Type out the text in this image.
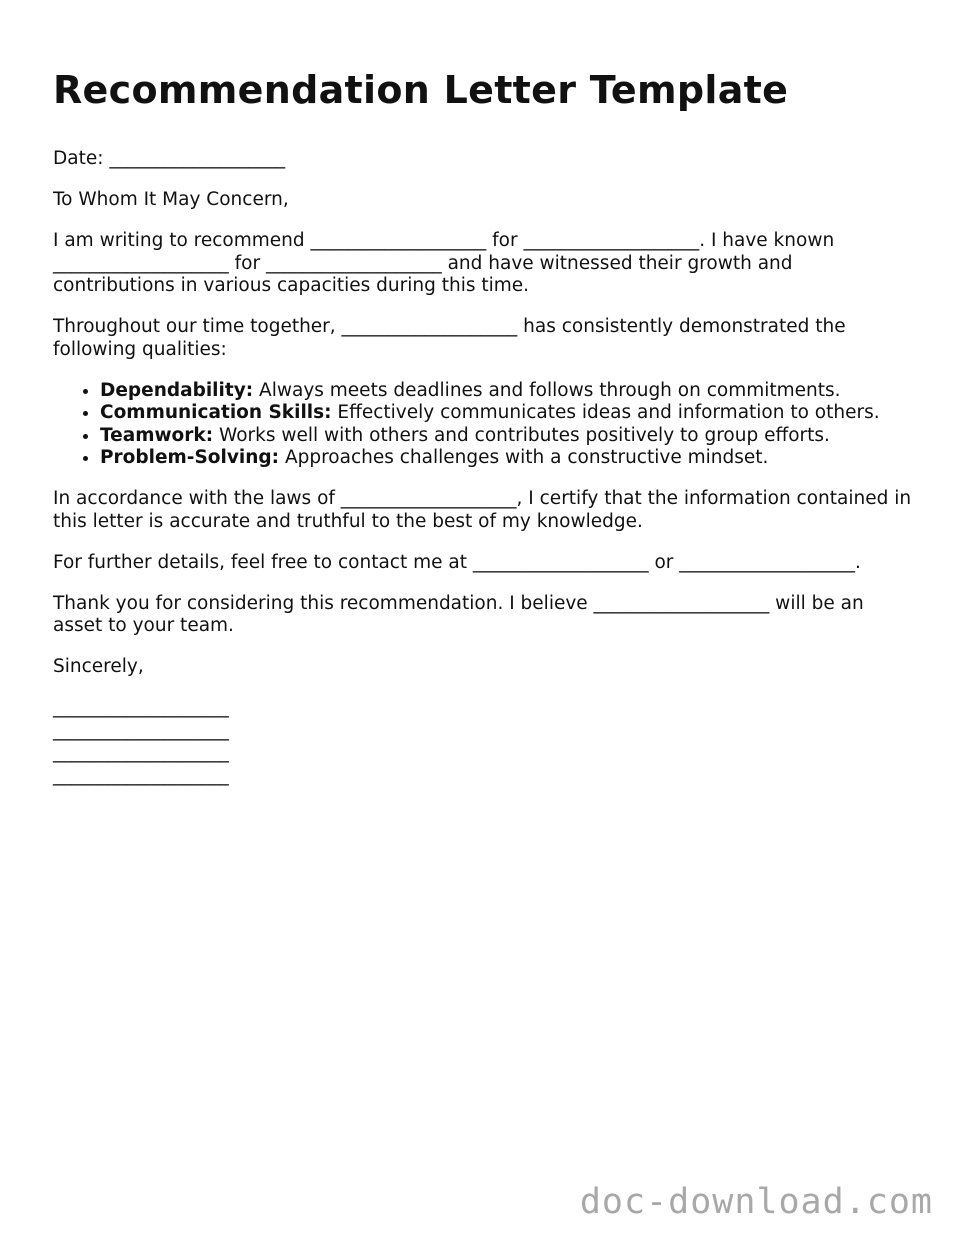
Recommendation Letter Template

Date: ___________________

To Whom It May Concern,

I am writing to recommend ___________________ for ___________________. I have known ___________________ for ___________________ and have witnessed their growth and contributions in various capacities during this time.

Throughout our time together, ___________________ has consistently demonstrated the following qualities:

• Dependability: Always meets deadlines and follows through on commitments.
• Communication Skills: Effectively communicates ideas and information to others.
• Teamwork: Works well with others and contributes positively to group efforts.
• Problem-Solving: Approaches challenges with a constructive mindset.

In accordance with the laws of ___________________, I certify that the information contained in this letter is accurate and truthful to the best of my knowledge.

For further details, feel free to contact me at ___________________ or ___________________.

Thank you for considering this recommendation. I believe ___________________ will be an asset to your team.

Sincerely,

___________________
___________________
___________________
___________________
doc-download.com
